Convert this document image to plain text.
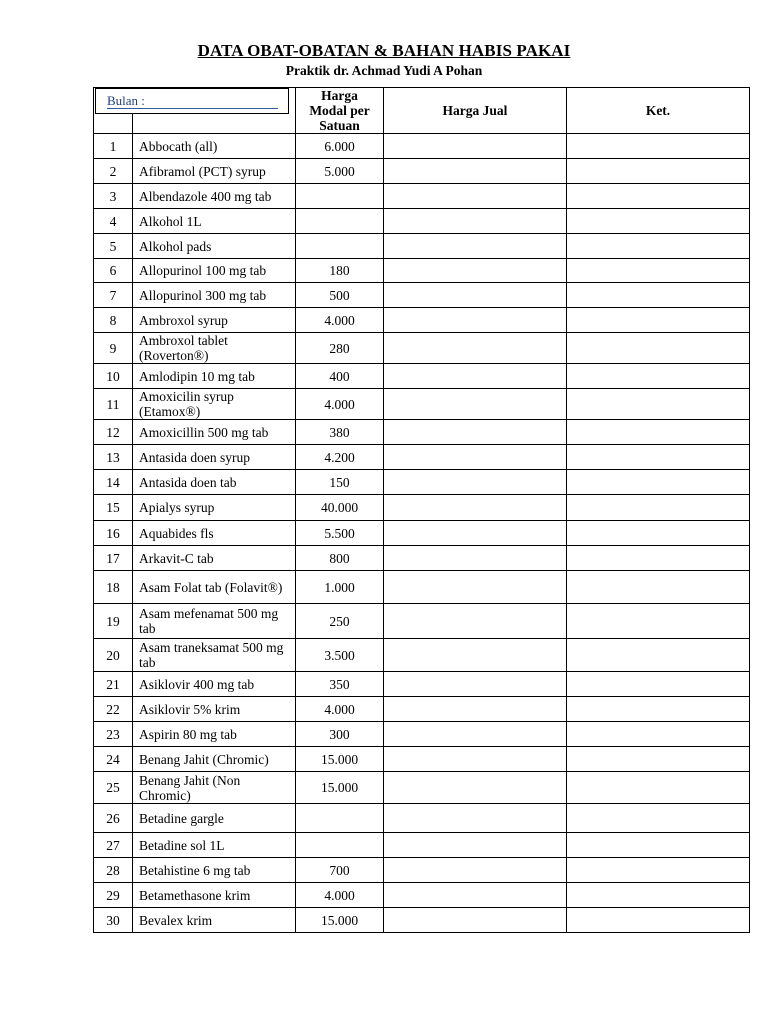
DATA OBAT-OBATAN & BAHAN HABIS PAKAI
Praktik dr. Achmad Yudi A Pohan
		Harga Modal per Satuan	Harga Jual	Ket.
1	Abbocath (all)	6.000		
2	Afibramol (PCT) syrup	5.000		
3	Albendazole 400 mg tab			
4	Alkohol 1L			
5	Alkohol pads			
6	Allopurinol 100 mg tab	180		
7	Allopurinol 300 mg tab	500		
8	Ambroxol syrup	4.000		
9	Ambroxol tablet (Roverton®)	280		
10	Amlodipin 10 mg tab	400		
11	Amoxicilin syrup (Etamox®)	4.000		
12	Amoxicillin 500 mg tab	380		
13	Antasida doen syrup	4.200		
14	Antasida doen tab	150		
15	Apialys syrup	40.000		
16	Aquabides fls	5.500		
17	Arkavit-C tab	800		
18	Asam Folat tab (Folavit®)	1.000		
19	Asam mefenamat 500 mg tab	250		
20	Asam traneksamat 500 mg tab	3.500		
21	Asiklovir 400 mg tab	350		
22	Asiklovir 5% krim	4.000		
23	Aspirin 80 mg tab	300		
24	Benang Jahit (Chromic)	15.000		
25	Benang Jahit (Non Chromic)	15.000		
26	Betadine gargle			
27	Betadine sol 1L			
28	Betahistine 6 mg tab	700		
29	Betamethasone krim	4.000		
30	Bevalex krim	15.000		
Bulan :
